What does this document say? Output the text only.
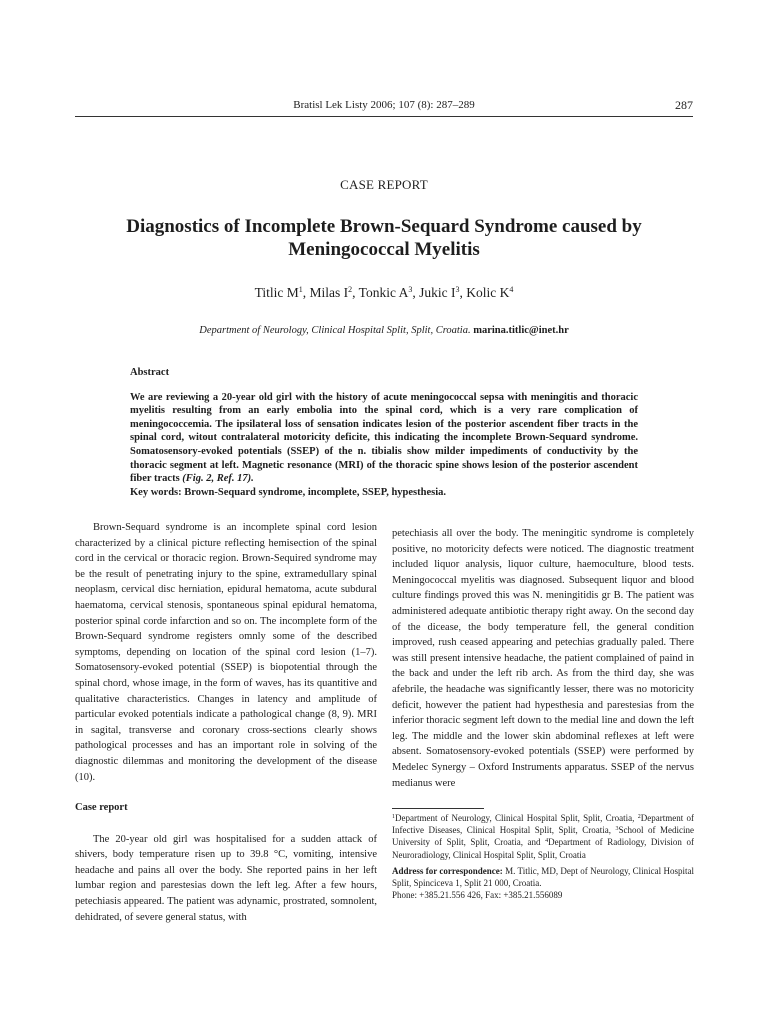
Bratisl Lek Listy 2006; 107 (8): 287–289	287
CASE REPORT
Diagnostics of Incomplete Brown-Sequard Syndrome caused by Meningococcal Myelitis
Titlic $M^1$, Milas $I^2$, Tonkic $A^3$, Jukic $I^3$, Kolic $K^4$
Department of Neurology, Clinical Hospital Split, Split, Croatia. marina.titlic@inet.hr

Abstract

We are reviewing a 20-year old girl with the history of acute meningococcal sepsa with meningitis and thoracic myelitis resulting from an early embolia into the spinal cord, which is a very rare complication of meningococcemia. The ipsilateral loss of sensation indicates lesion of the posterior ascendent fiber tracts in the spinal cord, witout contralateral motoricity deficite, this indicating the incomplete Brown-Sequard syndrome. Somatosensory-evoked potentials (SSEP) of the n. tibialis show milder impediments of conductivity by the thoracic segment at left. Magnetic resonance (MRI) of the thoracic spine shows lesion of the posterior ascendent fiber tracts (Fig. 2, Ref. 17).

Key words: Brown-Sequard syndrome, incomplete, SSEP, hypesthesia.

Brown-Sequard syndrome is an incomplete spinal cord lesion characterized by a clinical picture reflecting hemisection of the spinal cord in the cervical or thoracic region. Brown-Sequired syndrome may be the result of penetrating injury to the spine, extramedullary spinal neoplasm, cervical disc herniation, epidural hematoma, acute subdural haematoma, cervical stenosis, spontaneous spinal epidural hematoma, posterior spinal corde infarction and so on. The incomplete form of the Brown-Sequard syndrome registers omnly some of the described symptoms, depending on location of the spinal cord lesion (1–7). Somatosensory-evoked potential (SSEP) is biopotential through the spinal chord, whose image, in the form of waves, has its quantitive and qualitative characteristics. Changes in latency and amplitude of particular evoked potentials indicate a pathological change (8, 9). MRI in sagital, transverse and coronary cross-sections clearly shows pathological processes and has an important role in solving of the diagnostic dilemmas and monitoring the development of the disease (10).

Case report

The 20-year old girl was hospitalised for a sudden attack of shivers, body temperature risen up to 39.8 °C, vomiting, intensive headache and pains all over the body. She reported pains in her left lumbar region and parestesias down the left leg. After a few hours, petechiasis appeared. The patient was adynamic, prostrated, somnolent, dehidrated, of severe general status, with

petechiasis all over the body. The meningitic syndrome is completely positive, no motoricity defects were noticed. The diagnostic treatment included liquor analysis, liquor culture, haemoculture, blood tests. Meningococcal myelitis was diagnosed. Subsequent liquor and blood culture findings proved this was N. meningitidis gr B. The patient was administered adequate antibiotic therapy right away. On the second day of the dicease, the body temperature fell, the general condition improved, rush ceased appearing and petechias gradually paled. There was still present intensive headache, the patient complained of paind in the back and under the left rib arch. As from the third day, she was afebrile, the headache was significantly lesser, there was no motoricity deficit, however the patient had hypesthesia and parestesias from the inferior thoracic segment left down to the medial line and down the left leg. The middle and the lower skin abdominal reflexes at left were absent. Somatosensory-evoked potentials (SSEP) were performed by Medelec Synergy – Oxford Instruments apparatus. SSEP of the nervus medianus were

$^1$Department of Neurology, Clinical Hospital Split, Split, Croatia, $^2$Department of Infective Diseases, Clinical Hospital Split, Split, Croatia, $^3$School of Medicine University of Split, Split, Croatia, and $^4$Department of Radiology, Division of Neuroradiology, Clinical Hospital Split, Split, Croatia

Address for correspondence: M. Titlic, MD, Dept of Neurology, Clinical Hospital Split, Spinciceva 1, Split 21 000, Croatia.

Phone: +385.21.556 426, Fax: +385.21.556089
